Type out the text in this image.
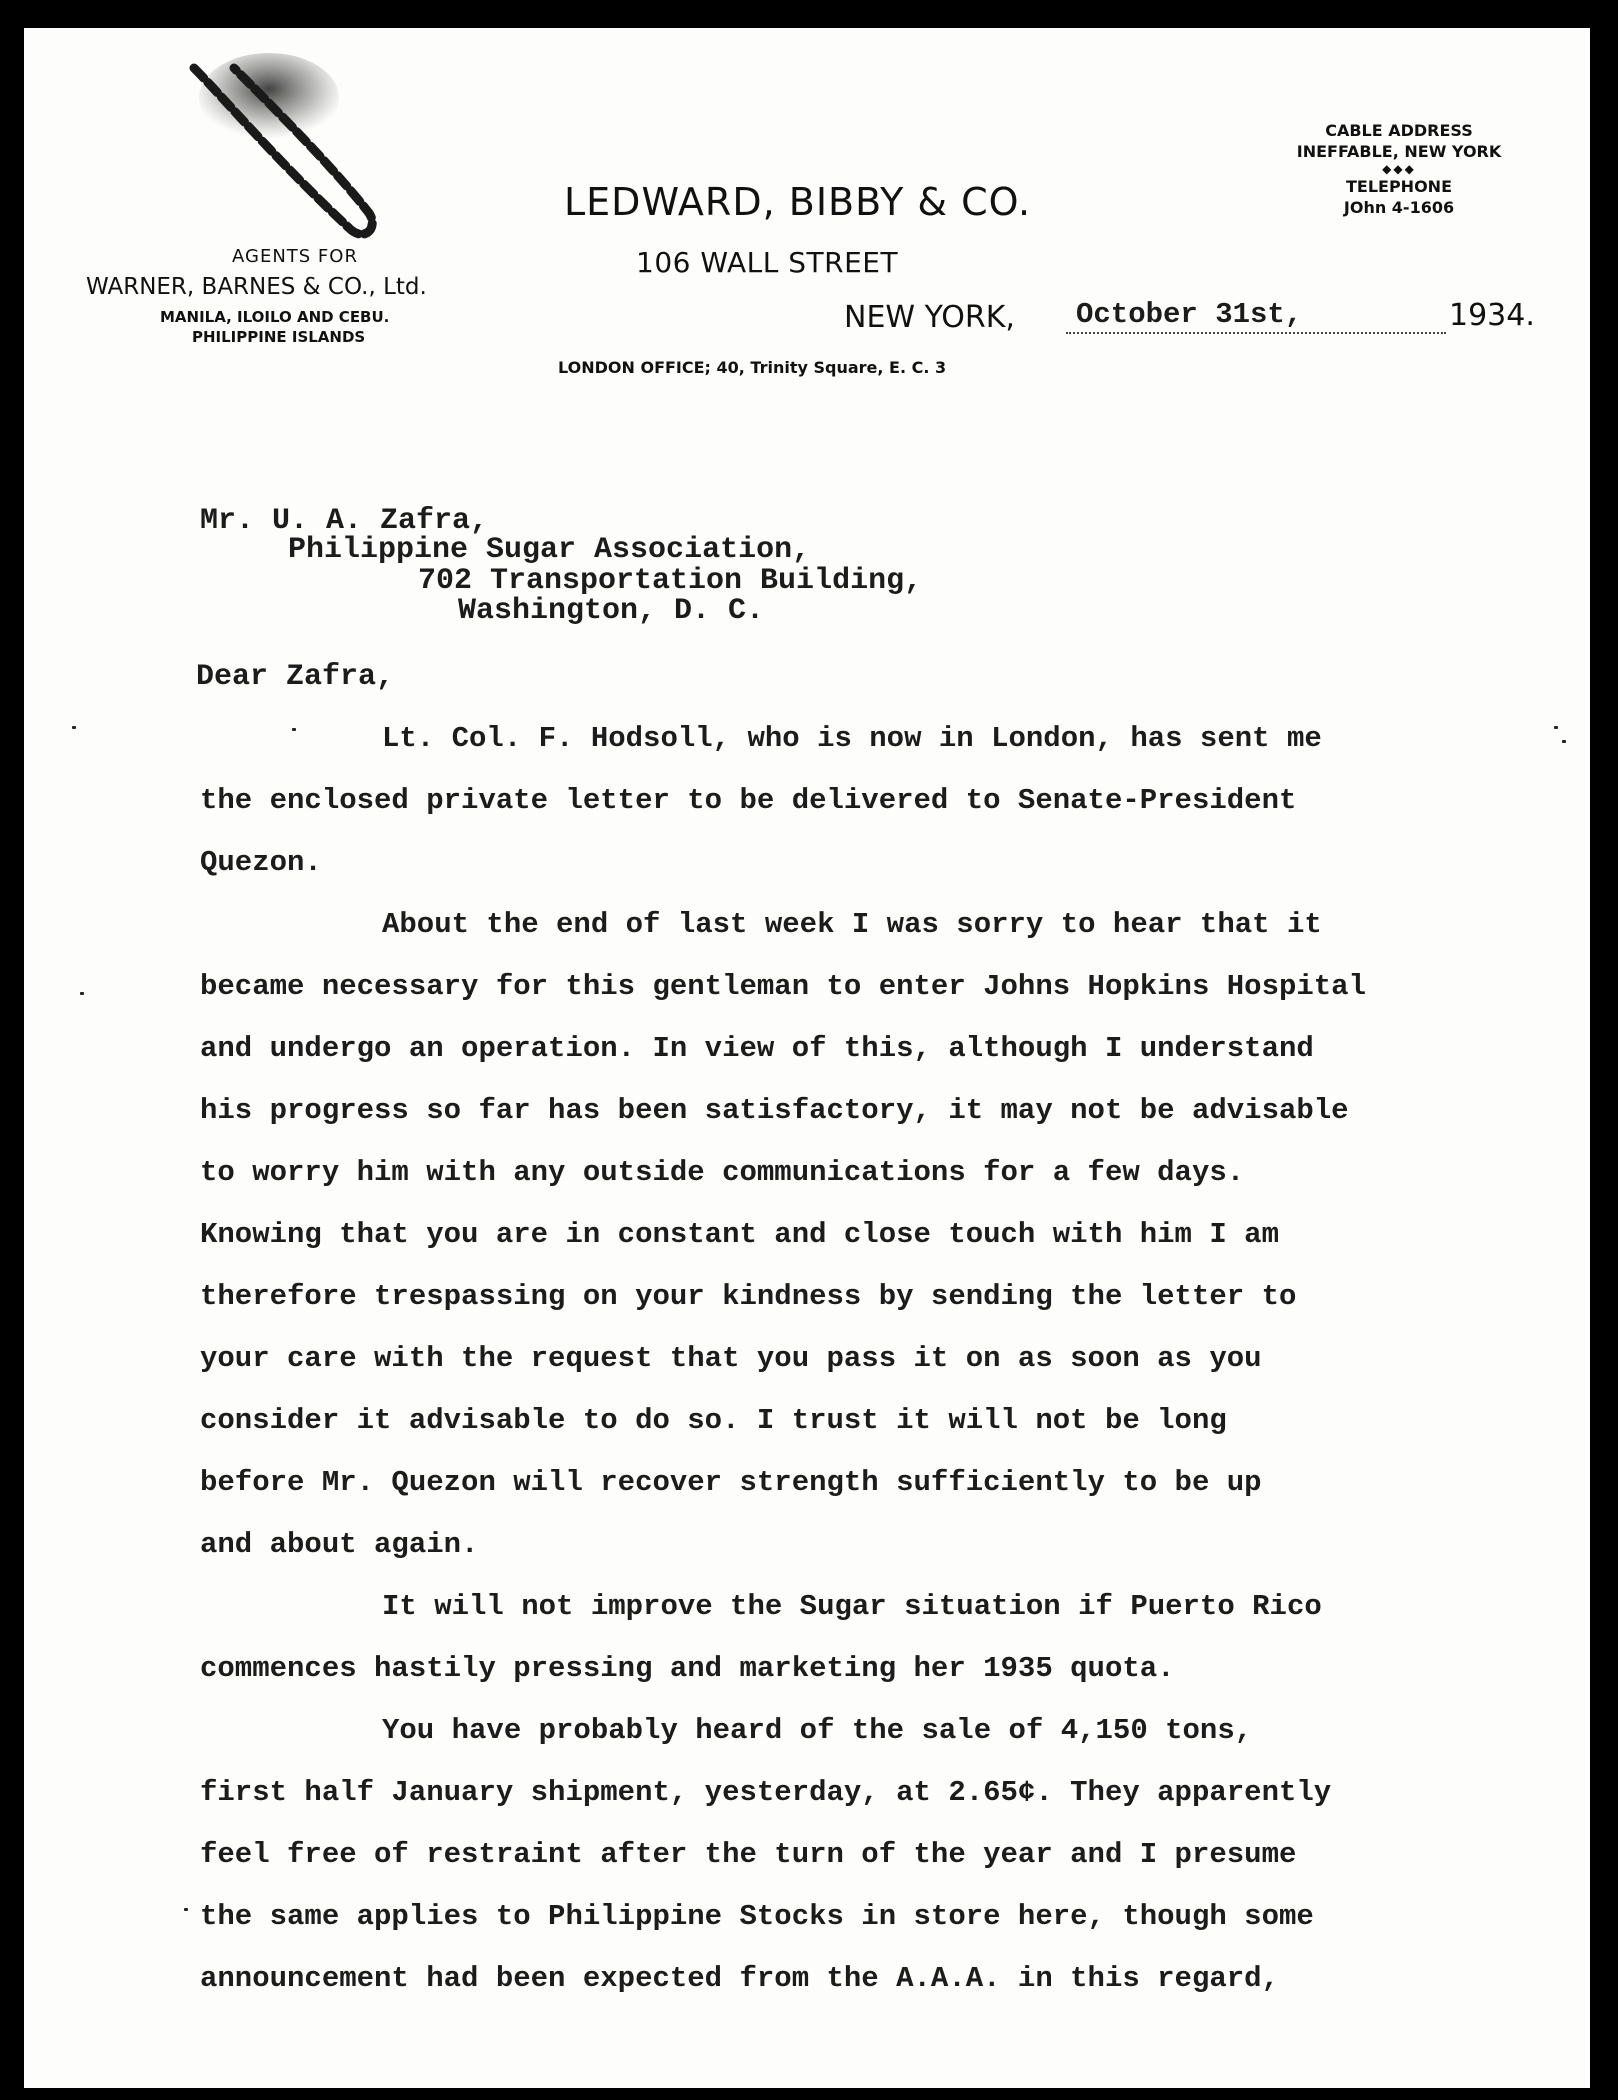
LEDWARD, BIBBY & CO.
106 WALL STREET
AGENTS FOR
WARNER, BARNES & CO., Ltd.
MANILA, ILOILO AND CEBU.
PHILIPPINE ISLANDS
CABLE ADDRESS
INEFFABLE, NEW YORK
◆◆◆
TELEPHONE
JOhn 4-1606
NEW YORK, October 31st,	1934.
LONDON OFFICE; 40, Trinity Square, E. C. 3
Mr. U. A. Zafra,
Philippine Sugar Association,
702 Transportation Building,
Washington, D. C.
Dear Zafra,
Lt. Col. F. Hodsoll, who is now in London, has sent me
the enclosed private letter to be delivered to Senate-President
Quezon.
About the end of last week I was sorry to hear that it
became necessary for this gentleman to enter Johns Hopkins Hospital
and undergo an operation. In view of this, although I understand
his progress so far has been satisfactory, it may not be advisable
to worry him with any outside communications for a few days.
Knowing that you are in constant and close touch with him I am
therefore trespassing on your kindness by sending the letter to
your care with the request that you pass it on as soon as you
consider it advisable to do so. I trust it will not be long
before Mr. Quezon will recover strength sufficiently to be up
and about again.
It will not improve the Sugar situation if Puerto Rico
commences hastily pressing and marketing her 1935 quota.
You have probably heard of the sale of 4,150 tons,
first half January shipment, yesterday, at 2.65¢. They apparently
feel free of restraint after the turn of the year and I presume
the same applies to Philippine Stocks in store here, though some
announcement had been expected from the A.A.A. in this regard,
